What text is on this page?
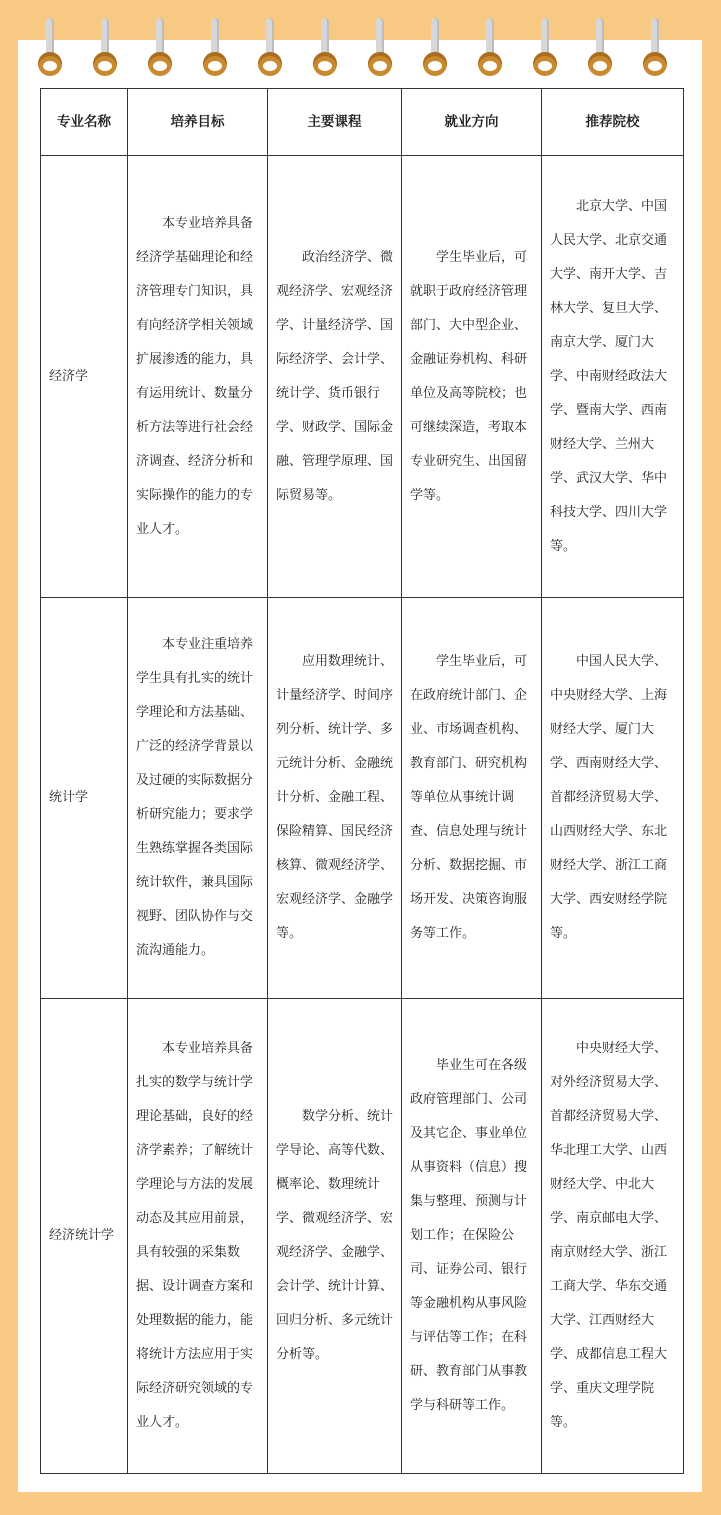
专业名称	培养目标	主要课程	就业方向	推荐院校
经济学	本专业培养具备经济学基础理论和经济管理专门知识，具有向经济学相关领域扩展渗透的能力，具有运用统计、数量分析方法等进行社会经济调查、经济分析和实际操作的能力的专业人才。	政治经济学、微观经济学、宏观经济学、计量经济学、国际经济学、会计学、统计学、货币银行学、财政学、国际金融、管理学原理、国际贸易等。	学生毕业后，可就职于政府经济管理部门、大中型企业、金融证券机构、科研单位及高等院校；也可继续深造，考取本专业研究生、出国留学等。	北京大学、中国人民大学、北京交通大学、南开大学、吉林大学、复旦大学、南京大学、厦门大学、中南财经政法大学、暨南大学、西南财经大学、兰州大学、武汉大学、华中科技大学、四川大学等。

统计学	本专业注重培养学生具有扎实的统计学理论和方法基础、广泛的经济学背景以及过硬的实际数据分析研究能力；要求学生熟练掌握各类国际统计软件，兼具国际视野、团队协作与交流沟通能力。	应用数理统计、计量经济学、时间序列分析、统计学、多元统计分析、金融统计分析、金融工程、保险精算、国民经济核算、微观经济学、宏观经济学、金融学等。	学生毕业后，可在政府统计部门、企业、市场调查机构、教育部门、研究机构等单位从事统计调查、信息处理与统计分析、数据挖掘、市场开发、决策咨询服务等工作。	中国人民大学、中央财经大学、上海财经大学、厦门大学、西南财经大学、首都经济贸易大学、山西财经大学、东北财经大学、浙江工商大学、西安财经学院等。

经济统计学	本专业培养具备扎实的数学与统计学理论基础，良好的经济学素养；了解统计学理论与方法的发展动态及其应用前景，具有较强的采集数据、设计调查方案和处理数据的能力，能将统计方法应用于实际经济研究领域的专业人才。	数学分析、统计学导论、高等代数、概率论、数理统计学、微观经济学、宏观经济学、金融学、会计学、统计计算、回归分析、多元统计分析等。	毕业生可在各级政府管理部门、公司及其它企、事业单位从事资料（信息）搜集与整理、预测与计划工作；在保险公司、证券公司、银行等金融机构从事风险与评估等工作；在科研、教育部门从事教学与科研等工作。	中央财经大学、对外经济贸易大学、首都经济贸易大学、华北理工大学、山西财经大学、中北大学、南京邮电大学、南京财经大学、浙江工商大学、华东交通大学、江西财经大学、成都信息工程大学、重庆文理学院等。
